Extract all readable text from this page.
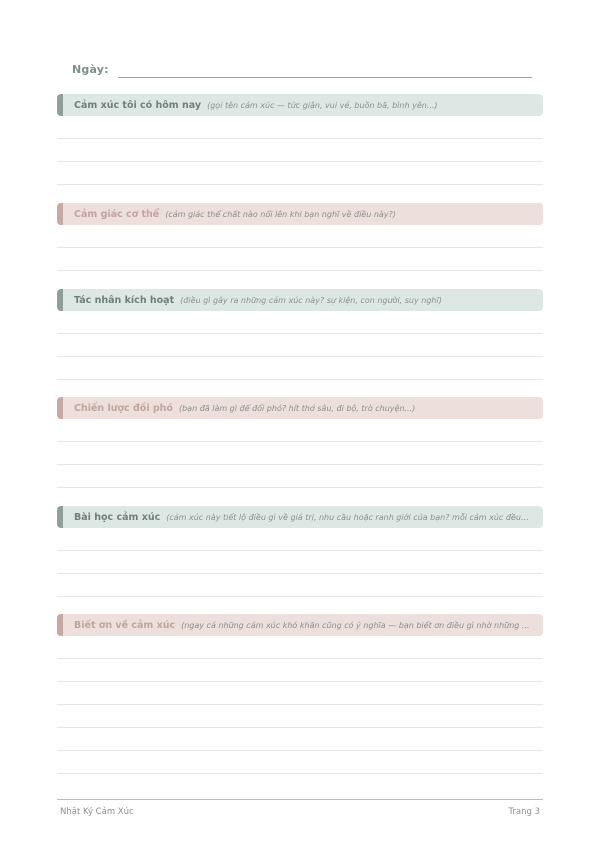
Ngày:
Cảm xúc tôi có hôm nay (gọi tên cảm xúc — tức giận, vui vẻ, buồn bã, bình yên...)
Cảm giác cơ thể (cảm giác thể chất nào nổi lên khi bạn nghĩ về điều này?)
Tác nhân kích hoạt (điều gì gây ra những cảm xúc này? sự kiện, con người, suy nghĩ)
Chiến lược đối phó (bạn đã làm gì để đối phó? hít thở sâu, đi bộ, trò chuyện...)
Bài học cảm xúc (cảm xúc này tiết lộ điều gì về giá trị, nhu cầu hoặc ranh giới của bạn? mỗi cảm xúc đều ...
Biết ơn về cảm xúc (ngay cả những cảm xúc khó khăn cũng có ý nghĩa — bạn biết ơn điều gì nhờ những ...
Nhật Ký Cảm Xúc	Trang 3
